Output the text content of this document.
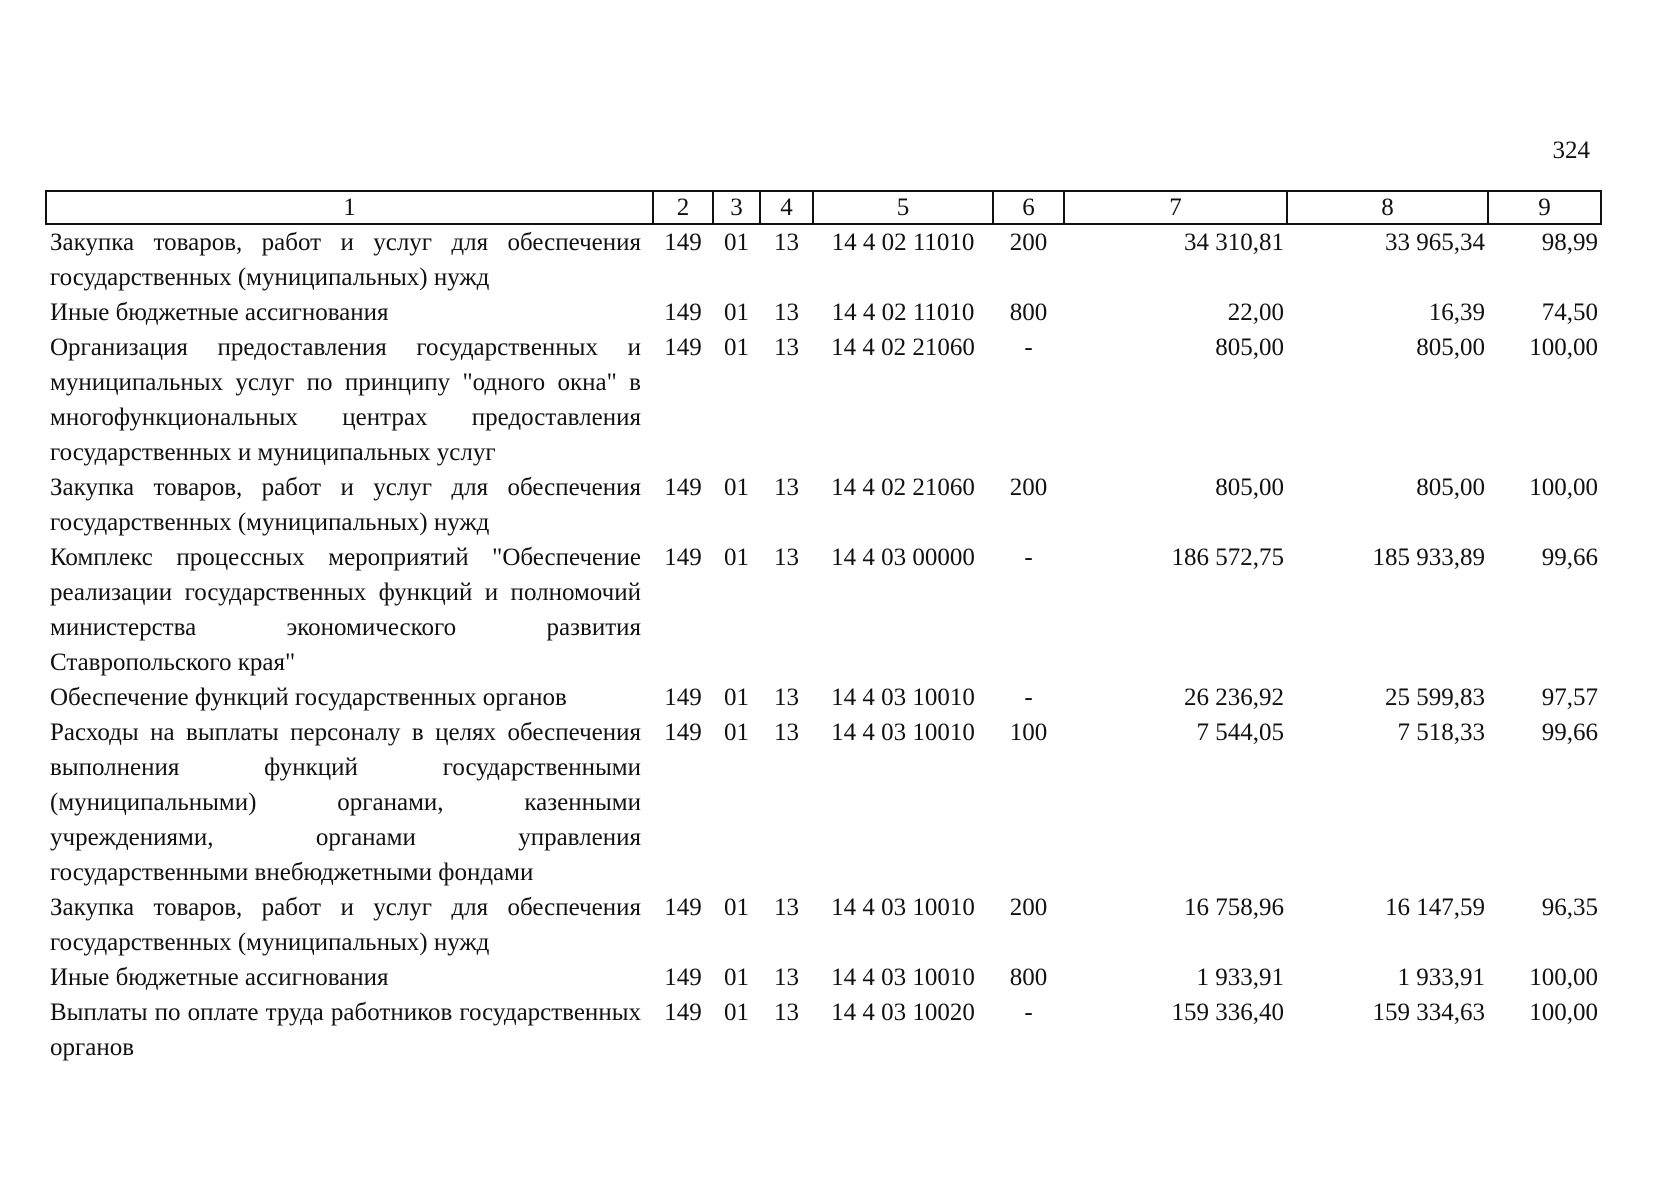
324
1	2	3	4	5	6	7	8	9
Закупка товаров, работ и услуг для обеспечения государственных (муниципальных) нужд	149	01	13	14 4 02 11010	200	34 310,81	33 965,34	98,99
Иные бюджетные ассигнования	149	01	13	14 4 02 11010	800	22,00	16,39	74,50
Организация предоставления государственных и муниципальных услуг по принципу "одного окна" в многофункциональных центрах предоставления государственных и муниципальных услуг	149	01	13	14 4 02 21060	-	805,00	805,00	100,00
Закупка товаров, работ и услуг для обеспечения государственных (муниципальных) нужд	149	01	13	14 4 02 21060	200	805,00	805,00	100,00
Комплекс процессных мероприятий "Обеспечение реализации государственных функций и полномочий министерства экономического развития Ставропольского края"	149	01	13	14 4 03 00000	-	186 572,75	185 933,89	99,66
Обеспечение функций государственных органов	149	01	13	14 4 03 10010	-	26 236,92	25 599,83	97,57
Расходы на выплаты персоналу в целях обеспечения выполнения функций государственными (муниципальными) органами, казенными учреждениями, органами управления государственными внебюджетными фондами	149	01	13	14 4 03 10010	100	7 544,05	7 518,33	99,66
Закупка товаров, работ и услуг для обеспечения государственных (муниципальных) нужд	149	01	13	14 4 03 10010	200	16 758,96	16 147,59	96,35
Иные бюджетные ассигнования	149	01	13	14 4 03 10010	800	1 933,91	1 933,91	100,00
Выплаты по оплате труда работников государственных органов	149	01	13	14 4 03 10020	-	159 336,40	159 334,63	100,00
